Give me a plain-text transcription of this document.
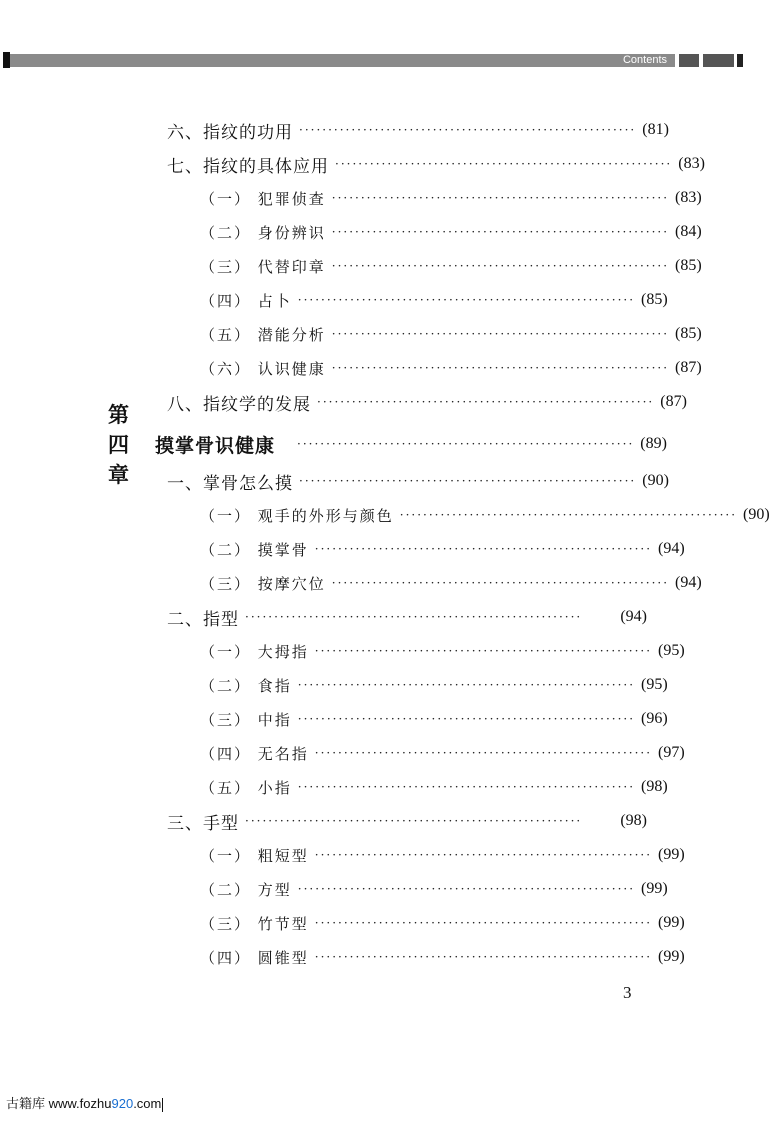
Contents
六、指纹的功用 ·························································· (81)
七、指纹的具体应用 ·························································· (83)
（一） 犯罪侦查 ·························································· (83)
（二） 身份辨识 ·························································· (84)
（三） 代替印章 ·························································· (85)
（四） 占卜 ·························································· (85)
（五） 潜能分析 ·························································· (85)
（六） 认识健康 ·························································· (87)
八、指纹学的发展 ·························································· (87)
第四章
摸掌骨识健康 ·························································· (89)
一、掌骨怎么摸 ·························································· (90)
（一） 观手的外形与颜色 ·························································· (90)
（二） 摸掌骨 ·························································· (94)
（三） 按摩穴位 ·························································· (94)
二、指型 ··························································	(94)
（一） 大拇指 ·························································· (95)
（二） 食指 ·························································· (95)
（三） 中指 ·························································· (96)
（四） 无名指 ·························································· (97)
（五） 小指 ·························································· (98)
三、手型 ··························································	(98)
（一） 粗短型 ·························································· (99)
（二） 方型 ·························································· (99)
（三） 竹节型 ·························································· (99)
（四） 圆锥型 ·························································· (99)
3
古籍库 www.fozhu920.com
